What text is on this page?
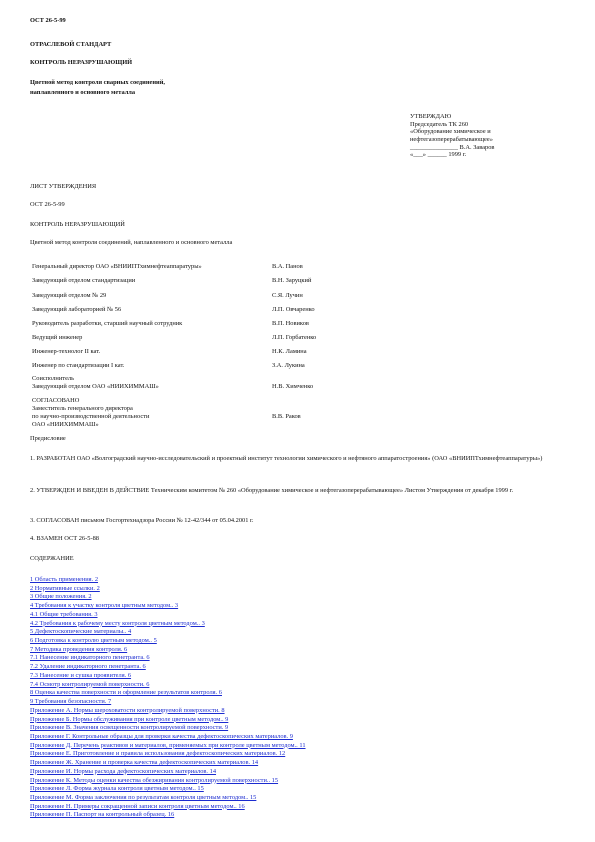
ОСТ 26-5-99
ОТРАСЛЕВОЙ СТАНДАРТ
КОНТРОЛЬ НЕРАЗРУШАЮЩИЙ
Цветной метод контроля сварных соединений,
наплавленного и основного металла
УТВЕРЖДАЮ
Председатель ТК 260
«Оборудование химическое и
нефтегазоперерабатывающее»
_______________ В.А. Заваров
«___» ______ 1999 г.
ЛИСТ УТВЕРЖДЕНИЯ
ОСТ 26-5-99
КОНТРОЛЬ НЕРАЗРУШАЮЩИЙ
Цветной метод контроля соединений, наплавленного и основного металла
Генеральный директор ОАО «ВНИИПТхимнефтеаппаратуры»	В.А. Панов
Заведующий отделом стандартизации	В.Н. Заруцкий
Заведующий отделом № 29	С.Я. Лучин
Заведующий лабораторией № 56	Л.П. Овчаренко
Руководитель разработки, старший научный сотрудник	В.П. Новиков
Ведущий инженер	Л.П. Горбатенко
Инженер-технолог II кат.	Н.К. Ламина
Инженер по стандартизации I кат.	З.А. Лукина
Соисполнитель
Заведующий отделом ОАО «НИИХИММАШ»	Н.В. Химченко
СОГЛАСОВАНО
Заместитель генерального директора
по научно-производственной деятельности
ОАО «НИИХИММАШ»
В.В. Раков
Предисловие
1. РАЗРАБОТАН ОАО «Волгоградский научно-исследовательский и проектный институт технологии химического и нефтяного аппаратостроения» (ОАО «ВНИИПТхимнефтеаппаратуры»)
2. УТВЕРЖДЕН И ВВЕДЕН В ДЕЙСТВИЕ Техническим комитетом № 260 «Оборудование химическое и нефтегазоперерабатывающее» Листом Утверждения от декабря 1999 г.
3. СОГЛАСОВАН письмом Госгортехнадзора России № 12-42/344 от 05.04.2001 г.
4. ВЗАМЕН ОСТ 26-5-88
СОДЕРЖАНИЕ
1 Область применения. 2
2 Нормативные ссылки. 2
3 Общие положения. 2
4 Требования к участку контроля цветным методом.. 3
4.1 Общие требования. 3
4.2 Требования к рабочему месту контроля цветным методом.. 3
5 Дефектоскопические материалы.. 4
6 Подготовка к контролю цветным методом.. 5
7 Методика проведения контроля. 6
7.1 Нанесение индикаторного пенетранта. 6
7.2 Удаление индикаторного пенетранта. 6
7.3 Нанесение и сушка проявителя. 6
7.4 Осмотр контролируемой поверхности. 6
8 Оценка качества поверхности и оформление результатов контроля. 6
9 Требования безопасности. 7
Приложение А. Нормы шероховатости контролируемой поверхности. 8
Приложение Б. Нормы обслуживания при контроле цветным методом.. 9
Приложение В. Значения освещенности контролируемой поверхности. 9
Приложение Г. Контрольные образцы для проверки качества дефектоскопических материалов. 9
Приложение Д. Перечень реактивов и материалов, применяемых при контроле цветным методом.. 11
Приложение Е. Приготовление и правила использования дефектоскопических материалов. 12
Приложение Ж. Хранение и проверка качества дефектоскопических материалов. 14
Приложение И. Нормы расхода дефектоскопических материалов. 14
Приложение К. Методы оценки качества обезжиривания контролируемой поверхности.. 15
Приложение Л. Форма журнала контроля цветным методом.. 15
Приложение М. Форма заключения по результатам контроля цветным методом.. 15
Приложение Н. Примеры сокращенной записи контроля цветным методом.. 16
Приложение П. Паспорт на контрольный образец. 16
